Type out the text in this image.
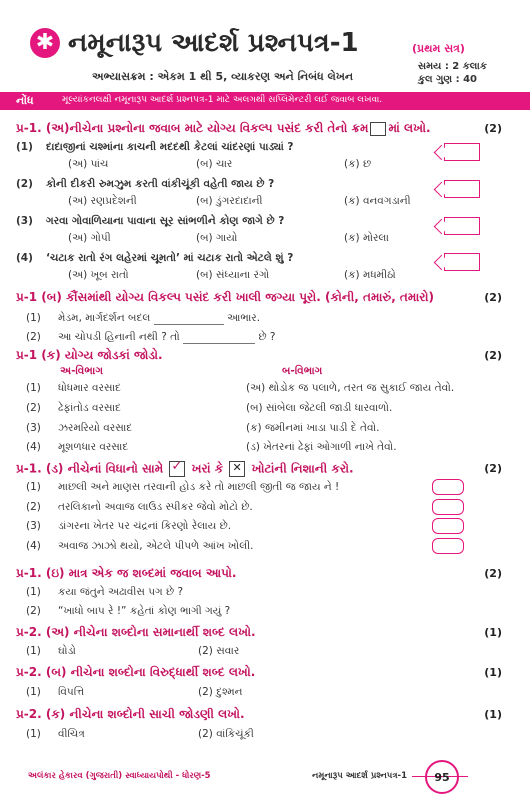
✱ નમૂનારૂપ આદર્શ પ્રશ્નપત્ર-1
અભ્યાસક્રમ : એકમ 1 થી 5, વ્યાકરણ અને નિબંધ લેખન
(પ્રથમ સત્ર)
સમય : 2 કલાક
કુલ ગુણ : 40
નોંધ	મૂલ્યાંકનલક્ષી નમૂનારૂપ આદર્શ પ્રશ્નપત્ર-1 માટે અલગથી સપ્લિમેન્ટરી લઈ જવાબ લખવા.
પ્ર-1. (અ)નીચેના પ્રશ્નોના જવાબ માટે યોગ્ય વિકલ્પ પસંદ કરી તેનો ક્રમ માં લખો.	(2)
(1) દાદાજીનાં ચશ્માંના કાચની મદદથી કેટલાં ચાંદરણાં પાડ્યાં ?
(અ) પાંચ	(બ) ચાર	(ક) છ
(2) કોની દીકરી રુમઝુમ કરતી વાંકીચૂંકી વહેતી જાય છે ?
(અ) રણપ્રદેશની	(બ) ડુંગરદાદાની	(ક) વનવગડાની
(3) ગરવા ગોવાળિયાના પાવાના સૂર સાંભળીને કોણ જાગે છે ?
(અ) ગોપી	(બ) ગાયો	(ક) મોરલા
(4) ‘ચટાક રાતો રંગ લહેરમાં ચૂમતો’ માં ચટાક રાતો એટલે શું ?
(અ) ખૂબ રાતો	(બ) સંધ્યાના રંગો	(ક) મધમીઠો
પ્ર-1 (બ) કૌંસમાંથી યોગ્ય વિકલ્પ પસંદ કરી ખાલી જગ્યા પૂરો. (કોની, તમારું, તમારો)	(2)
(1) મેડમ, માર્ગદર્શન બદલ	આભાર.
(2) આ ચોપડી હિનાની નથી ? તો	છે ?
પ્ર-1 (ક) યોગ્ય જોડકાં જોડો.	(2)
અ-વિભાગ	બ-વિભાગ
(1) ધોધમાર વરસાદ	(અ) થોડોક જ પલાળે, તરત જ સુકાઈ જાય તેવો.
(2) ઢેફાંતોડ વરસાદ	(બ) સાંબેલા જેટલી જાડી ધારવાળો.
(3) ઝરમરિયો વરસાદ	(ક) જમીનમાં ખાડા પાડી દે તેવો.
(4) મૂશળધાર વરસાદ	(ડ) ખેતરનાં ઢેફાં ઓગાળી નાખે તેવો.
પ્ર-1. (ડ) નીચેનાં વિધાનો સામે ✓ ખરાં કે ✕ ખોટાંની નિશાની કરો.	(2)
(1) માછલી અને માણસ તરવાની હોડ કરે તો માછલી જીતી જ જાય ને !
(2) તરલિકાનો અવાજ લાઉડ સ્પીકર જેવો મોટો છે.
(3) ડાંગરના ખેતર પર ચંદ્રનાં કિરણો રેલાય છે.
(4) અવાજ ઝાઝો થયો, એટલે પીપળે આંખ ખોલી.
પ્ર-1. (ઇ) માત્ર એક જ શબ્દમાં જવાબ આપો.	(2)
(1) કયા જંતુને અઢાવીસ પગ છે ?
(2) “ખાધો બાપ રે !” કહેતાં કોણ ભાગી ગયું ?
પ્ર-2. (અ) નીચેના શબ્દોના સમાનાર્થી શબ્દ લખો.	(1)
(1) ઘોડો	(2) સવાર
પ્ર-2. (બ) નીચેના શબ્દોના વિરુદ્ધાર્થી શબ્દ લખો.	(1)
(1) વિપત્તિ	(2) દુશ્મન
પ્ર-2. (ક) નીચેના શબ્દોની સાચી જોડણી લખો.	(1)
(1) વીચિત્ર	(2) વાંકિચૂંકી
અલંકાર હેકારવ (ગુજરાતી) સ્વાધ્યાયપોથી - ધોરણ-5	નમૂનારૂપ આદર્શ પ્રશ્નપત્ર-1	95
